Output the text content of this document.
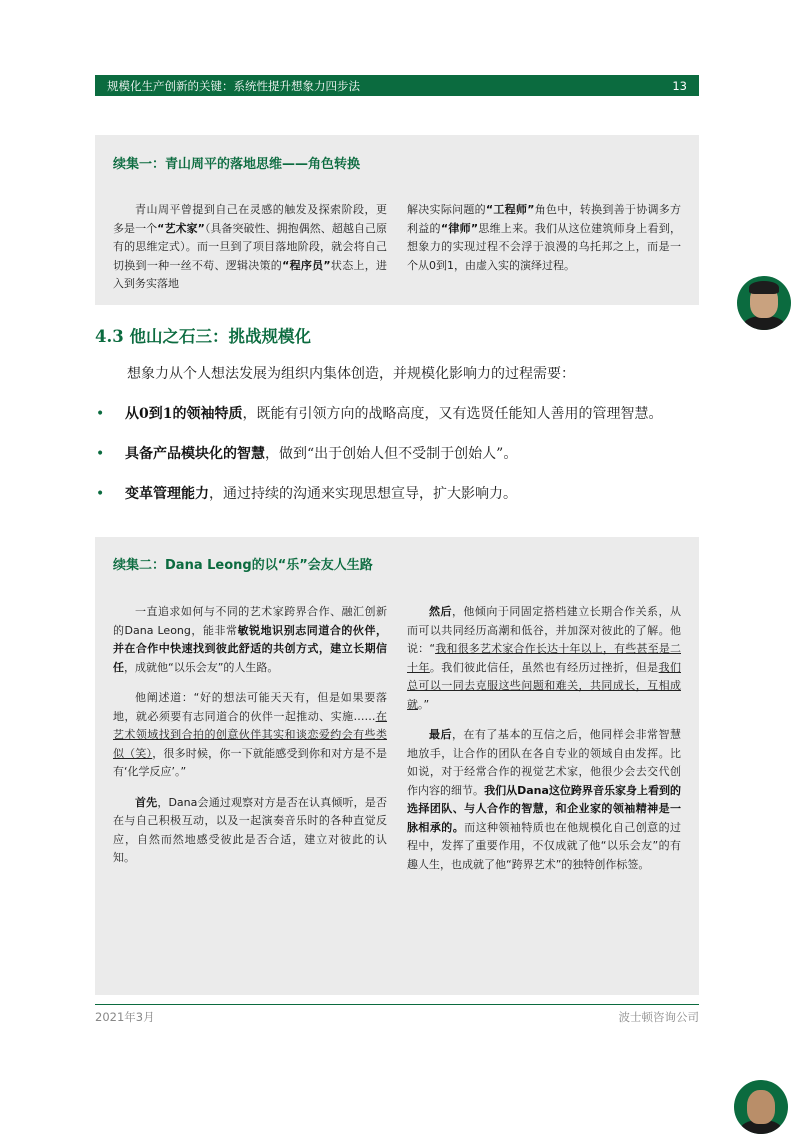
规模化生产创新的关键：系统性提升想象力四步法	13
续集一：青山周平的落地思维——角色转换

青山周平曾提到自己在灵感的触发及探索阶段，更多是一个“艺术家”（具备突破性、拥抱偶然、超越自己原有的思维定式）。而一旦到了项目落地阶段，就会将自己切换到一种一丝不苟、逻辑决策的“程序员”状态上，进入到务实落地

解决实际问题的“工程师”角色中，转换到善于协调多方利益的“律师”思维上来。我们从这位建筑师身上看到，想象力的实现过程不会浮于浪漫的乌托邦之上，而是一个从0到1，由虚入实的演绎过程。

4.3 他山之石三：挑战规模化
想象力从个人想法发展为组织内集体创造，并规模化影响力的过程需要：
• 从0到1的领袖特质，既能有引领方向的战略高度，又有选贤任能知人善用的管理智慧。
• 具备产品模块化的智慧，做到“出于创始人但不受制于创始人”。
• 变革管理能力，通过持续的沟通来实现思想宣导，扩大影响力。
续集二：Dana Leong的以“乐”会友人生路

一直追求如何与不同的艺术家跨界合作、融汇创新的Dana Leong，能非常敏锐地识别志同道合的伙伴，并在合作中快速找到彼此舒适的共创方式，建立长期信任，成就他“以乐会友”的人生路。

他阐述道：“好的想法可能天天有，但是如果要落地，就必须要有志同道合的伙伴一起推动、实施……在艺术领域找到合拍的创意伙伴其实和谈恋爱约会有些类似（笑），很多时候，你一下就能感受到你和对方是不是有‘化学反应’。”

首先，Dana会通过观察对方是否在认真倾听，是否在与自己积极互动，以及一起演奏音乐时的各种直觉反应，自然而然地感受彼此是否合适，建立对彼此的认知。

然后，他倾向于同固定搭档建立长期合作关系，从而可以共同经历高潮和低谷，并加深对彼此的了解。他说：“我和很多艺术家合作长达十年以上，有些甚至是二十年。我们彼此信任，虽然也有经历过挫折，但是我们总可以一同去克服这些问题和难关，共同成长，互相成就。”

最后，在有了基本的互信之后，他同样会非常智慧地放手，让合作的团队在各自专业的领域自由发挥。比如说，对于经常合作的视觉艺术家，他很少会去交代创作内容的细节。我们从Dana这位跨界音乐家身上看到的选择团队、与人合作的智慧，和企业家的领袖精神是一脉相承的。而这种领袖特质也在他规模化自己创意的过程中，发挥了重要作用，不仅成就了他“以乐会友”的有趣人生，也成就了他“跨界艺术”的独特创作标签。

2021年3月	波士顿咨询公司
